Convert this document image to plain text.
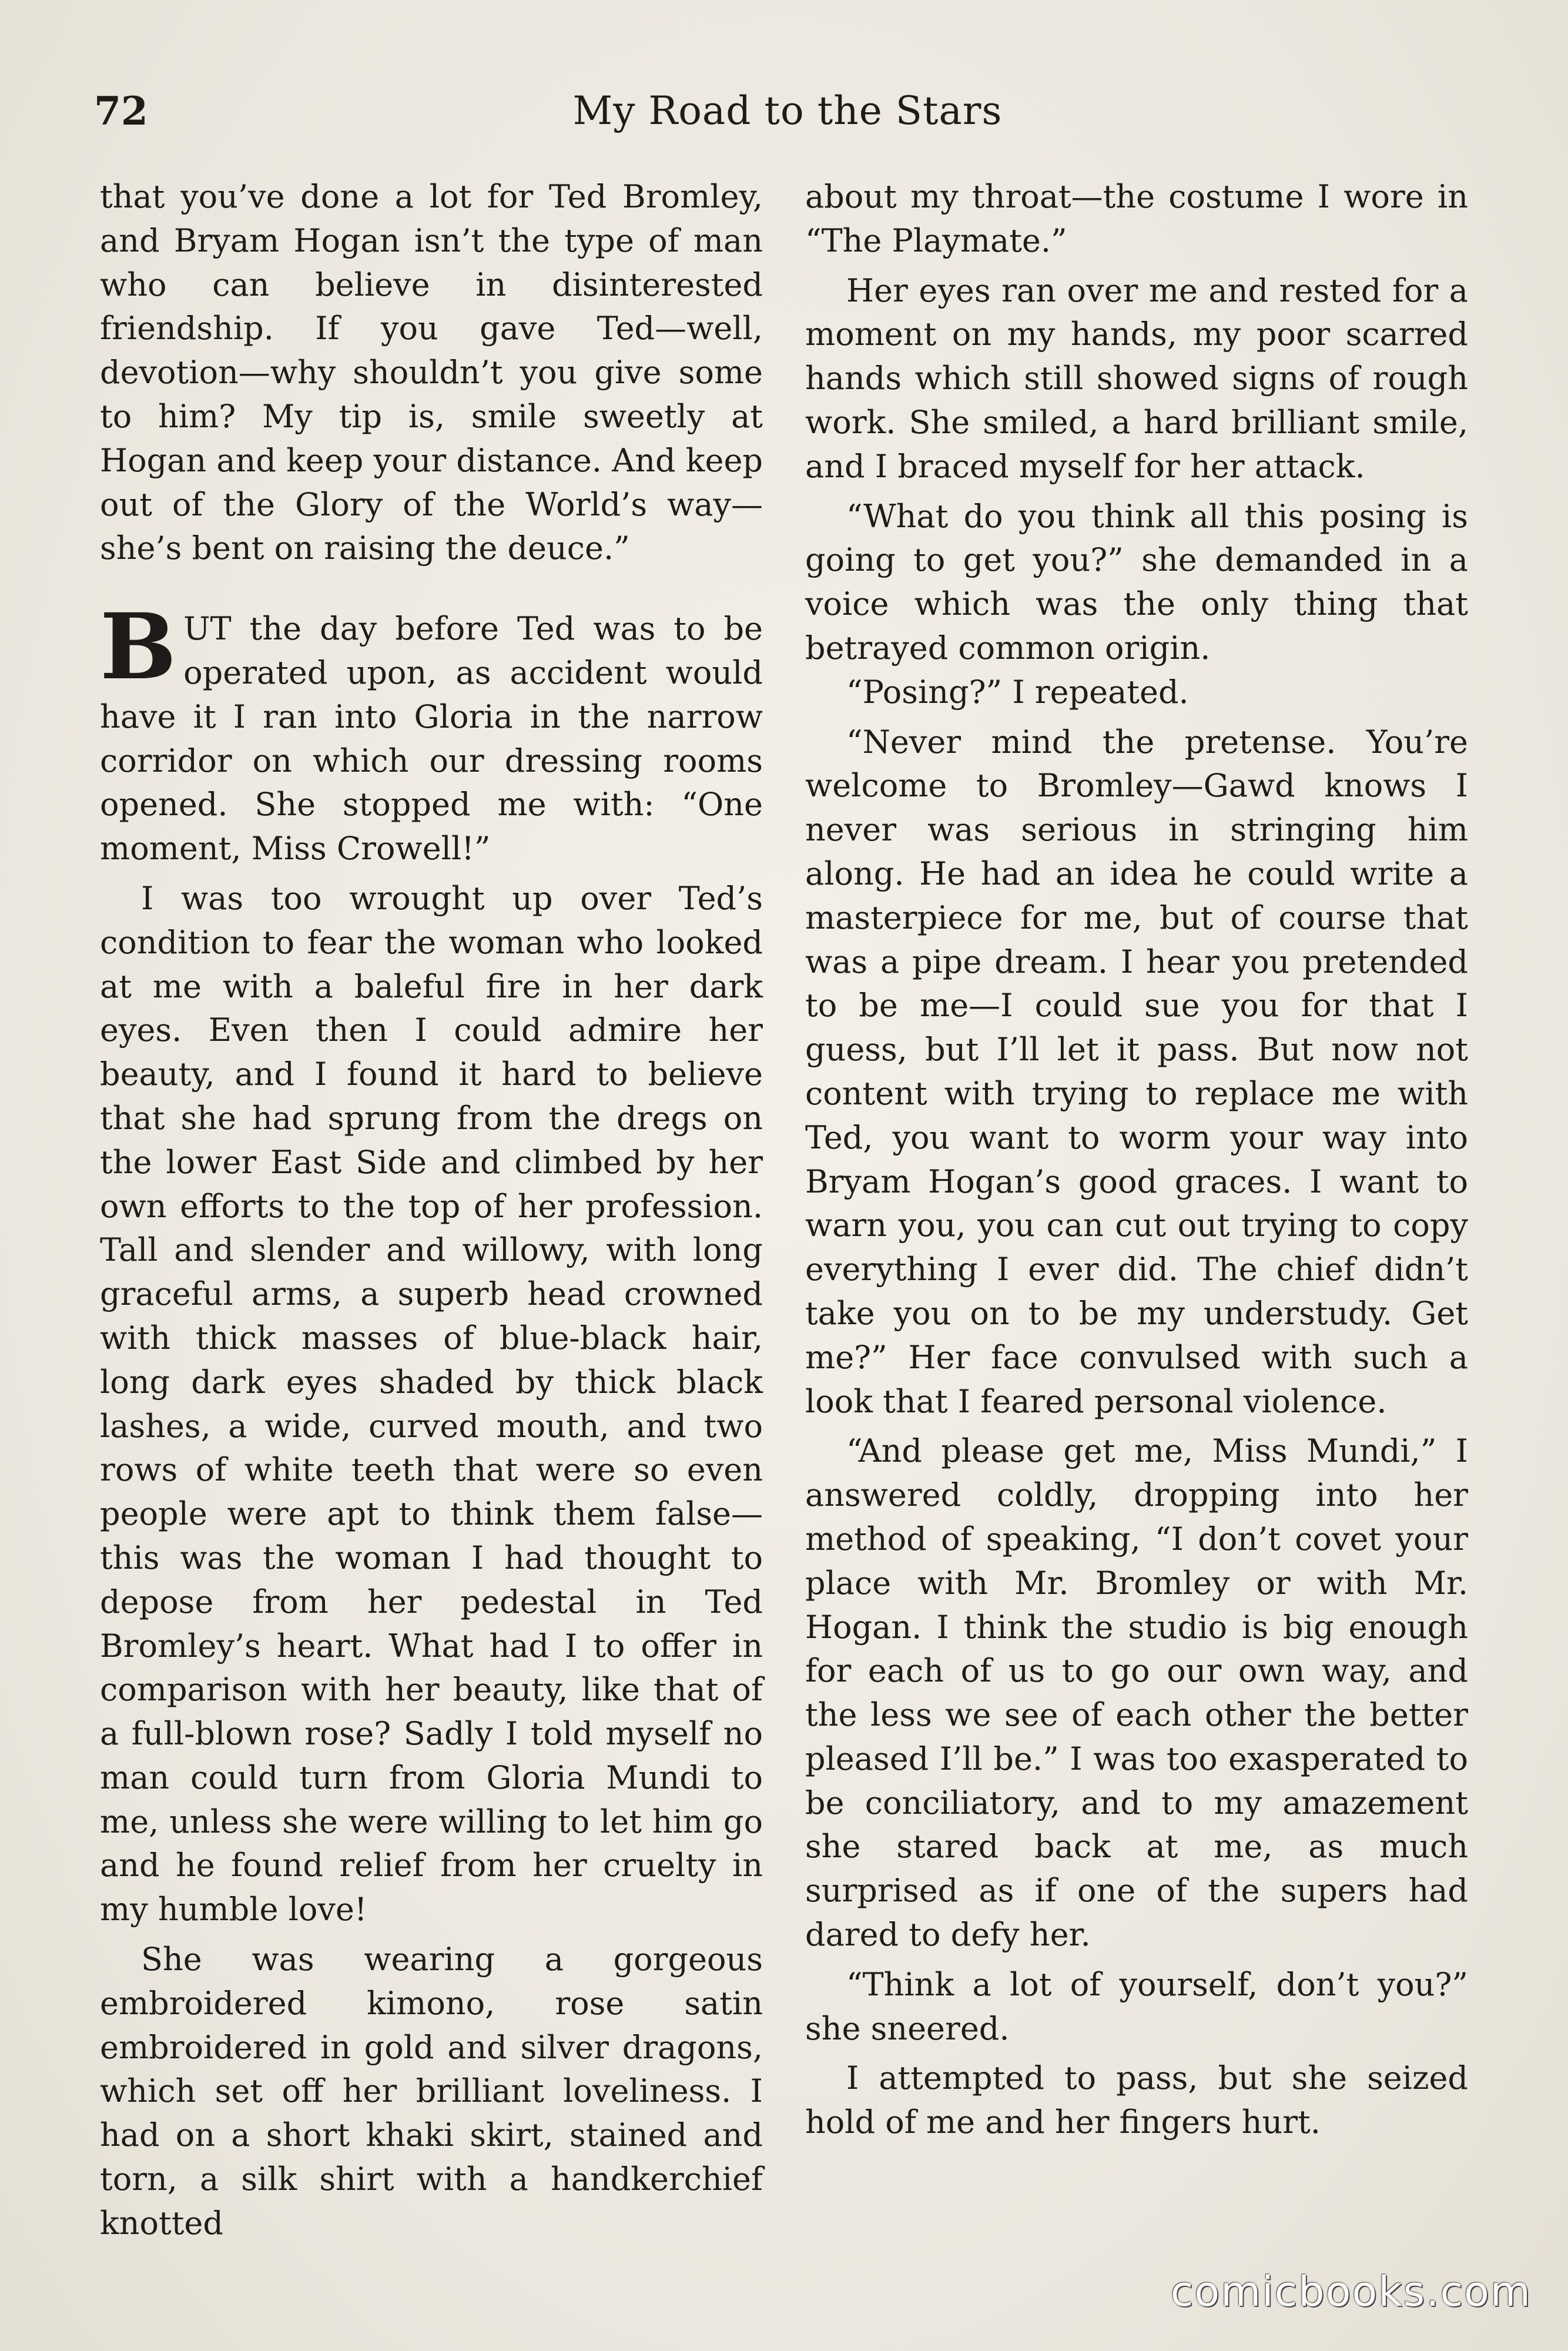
72	My Road to the Stars

that you’ve done a lot for Ted Bromley, and Bryam Hogan isn’t the type of man who can believe in disinterested friendship. If you gave Ted—well, devotion—why shouldn’t you give some to him? My tip is, smile sweetly at Hogan and keep your distance. And keep out of the Glory of the World’s way—she’s bent on raising the deuce.”

BUT the day before Ted was to be operated upon, as accident would have it I ran into Gloria in the narrow corridor on which our dressing rooms opened. She stopped me with: “One moment, Miss Crowell!”

I was too wrought up over Ted’s condition to fear the woman who looked at me with a baleful fire in her dark eyes. Even then I could admire her beauty, and I found it hard to believe that she had sprung from the dregs on the lower East Side and climbed by her own efforts to the top of her profession. Tall and slender and willowy, with long graceful arms, a superb head crowned with thick masses of blue-black hair, long dark eyes shaded by thick black lashes, a wide, curved mouth, and two rows of white teeth that were so even people were apt to think them false—this was the woman I had thought to depose from her pedestal in Ted Bromley’s heart. What had I to offer in comparison with her beauty, like that of a full-blown rose? Sadly I told myself no man could turn from Gloria Mundi to me, unless she were willing to let him go and he found relief from her cruelty in my humble love!

She was wearing a gorgeous embroidered kimono, rose satin embroidered in gold and silver dragons, which set off her brilliant loveliness. I had on a short khaki skirt, stained and torn, a silk shirt with a handkerchief knotted

about my throat—the costume I wore in “The Playmate.”

Her eyes ran over me and rested for a moment on my hands, my poor scarred hands which still showed signs of rough work. She smiled, a hard brilliant smile, and I braced myself for her attack.

“What do you think all this posing is going to get you?” she demanded in a voice which was the only thing that betrayed common origin.

“Posing?” I repeated.

“Never mind the pretense. You’re welcome to Bromley—Gawd knows I never was serious in stringing him along. He had an idea he could write a masterpiece for me, but of course that was a pipe dream. I hear you pretended to be me—I could sue you for that I guess, but I’ll let it pass. But now not content with trying to replace me with Ted, you want to worm your way into Bryam Hogan’s good graces. I want to warn you, you can cut out trying to copy everything I ever did. The chief didn’t take you on to be my understudy. Get me?” Her face convulsed with such a look that I feared personal violence.

“And please get me, Miss Mundi,” I answered coldly, dropping into her method of speaking, “I don’t covet your place with Mr. Bromley or with Mr. Hogan. I think the studio is big enough for each of us to go our own way, and the less we see of each other the better pleased I’ll be.” I was too exasperated to be conciliatory, and to my amazement she stared back at me, as much surprised as if one of the supers had dared to defy her.

“Think a lot of yourself, don’t you?” she sneered.

I attempted to pass, but she seized hold of me and her fingers hurt.

comicbooks.com
